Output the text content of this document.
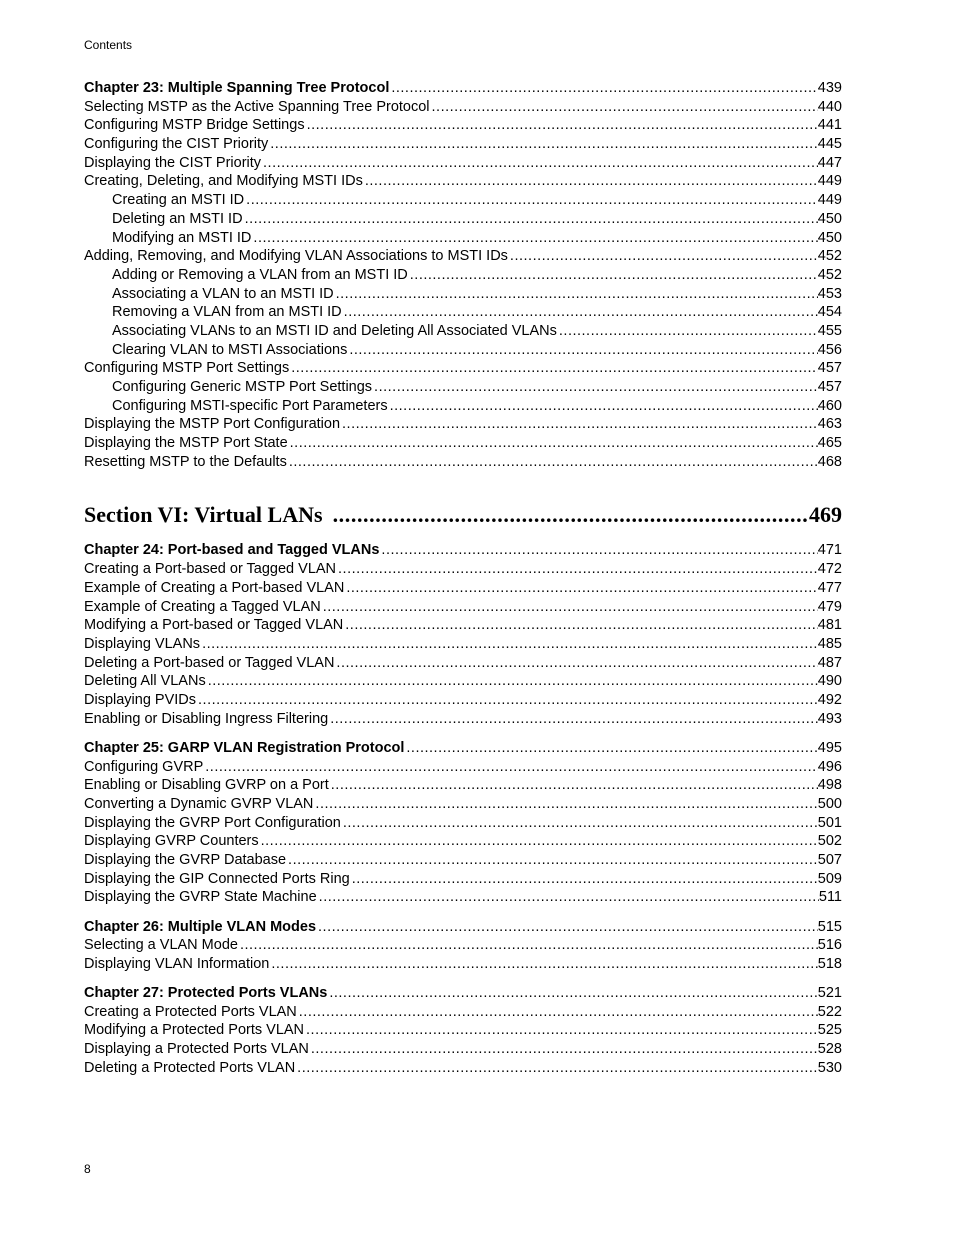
Contents
Chapter 23: Multiple Spanning Tree Protocol .....	439
Selecting MSTP as the Active Spanning Tree Protocol .....	440
Configuring MSTP Bridge Settings .....	441
Configuring the CIST Priority .....	445
Displaying the CIST Priority .....	447
Creating, Deleting, and Modifying MSTI IDs .....	449
Creating an MSTI ID .....	449
Deleting an MSTI ID .....	450
Modifying an MSTI ID .....	450
Adding, Removing, and Modifying VLAN Associations to MSTI IDs .....	452
Adding or Removing a VLAN from an MSTI ID .....	452
Associating a VLAN to an MSTI ID .....	453
Removing a VLAN from an MSTI ID .....	454
Associating VLANs to an MSTI ID and Deleting All Associated VLANs .....	455
Clearing VLAN to MSTI Associations .....	456
Configuring MSTP Port Settings .....	457
Configuring Generic MSTP Port Settings .....	457
Configuring MSTI-specific Port Parameters .....	460
Displaying the MSTP Port Configuration .....	463
Displaying the MSTP Port State .....	465
Resetting MSTP to the Defaults .....	468
Section VI: Virtual LANs .....	469
Chapter 24: Port-based and Tagged VLANs .....	471
Creating a Port-based or Tagged VLAN .....	472
Example of Creating a Port-based VLAN .....	477
Example of Creating a Tagged VLAN .....	479
Modifying a Port-based or Tagged VLAN .....	481
Displaying VLANs .....	485
Deleting a Port-based or Tagged VLAN .....	487
Deleting All VLANs .....	490
Displaying PVIDs .....	492
Enabling or Disabling Ingress Filtering .....	493
Chapter 25: GARP VLAN Registration Protocol .....	495
Configuring GVRP .....	496
Enabling or Disabling GVRP on a Port .....	498
Converting a Dynamic GVRP VLAN .....	500
Displaying the GVRP Port Configuration .....	501
Displaying GVRP Counters .....	502
Displaying the GVRP Database .....	507
Displaying the GIP Connected Ports Ring .....	509
Displaying the GVRP State Machine .....	511
Chapter 26: Multiple VLAN Modes .....	515
Selecting a VLAN Mode .....	516
Displaying VLAN Information .....	518
Chapter 27: Protected Ports VLANs .....	521
Creating a Protected Ports VLAN .....	522
Modifying a Protected Ports VLAN .....	525
Displaying a Protected Ports VLAN .....	528
Deleting a Protected Ports VLAN .....	530
8
